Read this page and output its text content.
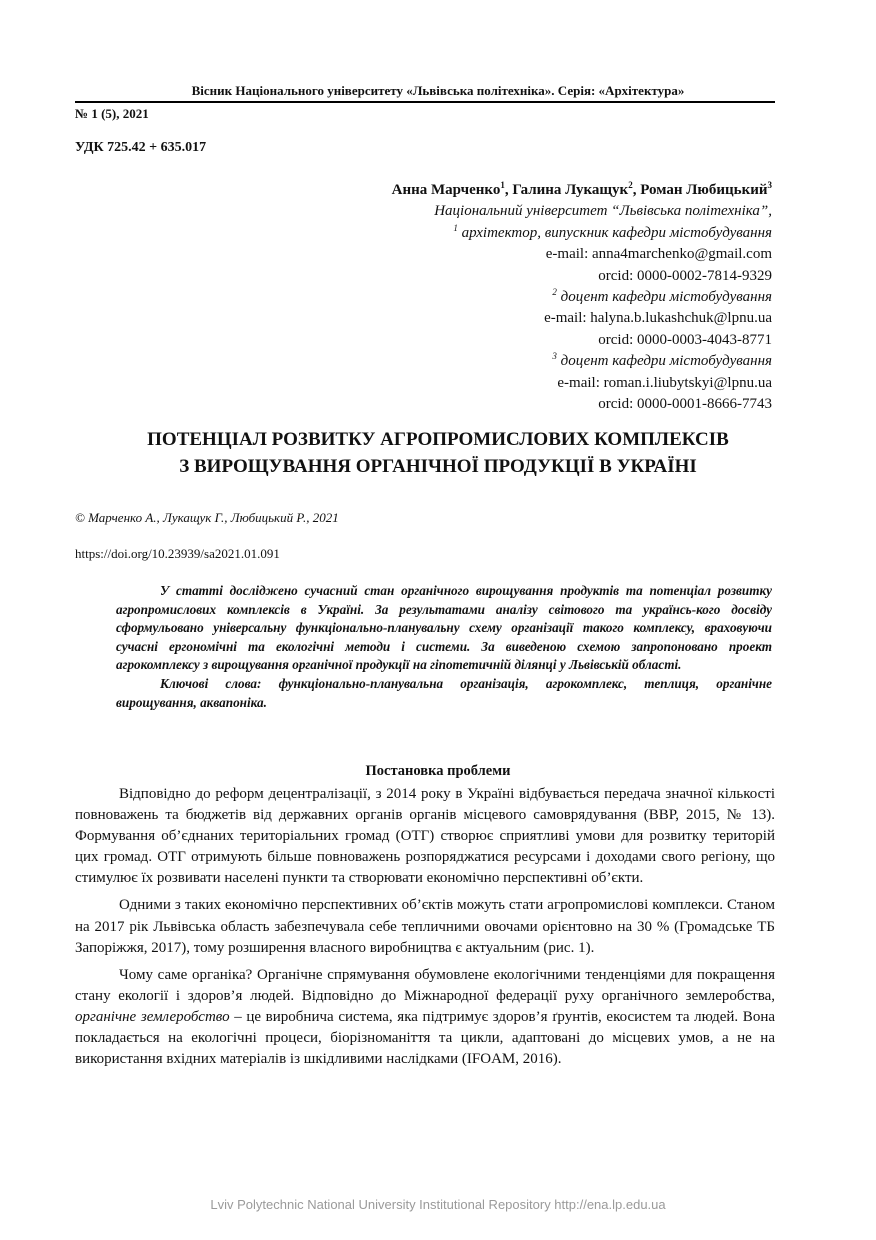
Вісник Національного університету «Львівська політехніка». Серія: «Архітектура»
№ 1 (5), 2021
УДК 725.42 + 635.017
Анна Марченко$^1$, Галина Лукащук$^2$, Роман Любицький$^3$
Національний університет “Львівська політехніка”,
$^1$ архітектор, випускник кафедри містобудування
e-mail: anna4marchenko@gmail.com
orcid: 0000-0002-7814-9329
$^2$ доцент кафедри містобудування
e-mail: halyna.b.lukashchuk@lpnu.ua
orcid: 0000-0003-4043-8771
$^3$ доцент кафедри містобудування
e-mail: roman.i.liubytskyi@lpnu.ua
orcid: 0000-0001-8666-7743
ПОТЕНЦІАЛ РОЗВИТКУ АГРОПРОМИСЛОВИХ КОМПЛЕКСІВ
З ВИРОЩУВАННЯ ОРГАНІЧНОЇ ПРОДУКЦІЇ В УКРАЇНІ
© Марченко А., Лукащук Г., Любицький Р., 2021
https://doi.org/10.23939/sa2021.01.091

У статті досліджено сучасний стан органічного вирощування продуктів та потенціал розвитку агропромислових комплексів в Україні. За результатами аналізу світового та українсь-кого досвіду сформульовано універсальну функціонально-планувальну схему організації такого комплексу, враховуючи сучасні ергономічні та екологічні методи і системи. За виведеною схемою запропоновано проект агрокомплексу з вирощування органічної продукції на гіпотетичній ділянці у Львівській області.

Ключові слова: функціонально-планувальна організація, агрокомплекс, теплиця, органічне вирощування, аквапоніка.

Постановка проблеми

Відповідно до реформ децентралізації, з 2014 року в Україні відбувається передача значної кількості повноважень та бюджетів від державних органів органів місцевого самоврядування (ВВР, 2015, № 13). Формування об’єднаних територіальних громад (ОТГ) створює сприятливі умови для розвитку територій цих громад. ОТГ отримують більше повноважень розпоряджатися ресурсами і доходами свого регіону, що стимулює їх розвивати населені пункти та створювати економічно перспективні об’єкти.

Одними з таких економічно перспективних об’єктів можуть стати агропромислові комплекси. Станом на 2017 рік Львівська область забезпечувала себе тепличними овочами орієнтовно на 30 % (Громадське ТБ Запоріжжя, 2017), тому розширення власного виробництва є актуальним (рис. 1).

Чому саме органіка? Органічне спрямування обумовлене екологічними тенденціями для покращення стану екології і здоров’я людей. Відповідно до Міжнародної федерації руху органічного землеробства, органічне землеробство – це виробнича система, яка підтримує здоров’я ґрунтів, екосистем та людей. Вона покладається на екологічні процеси, біорізноманіття та цикли, адаптовані до місцевих умов, а не на використання вхідних матеріалів із шкідливими наслідками (IFOAM, 2016).

Lviv Polytechnic National University Institutional Repository http://ena.lp.edu.ua
